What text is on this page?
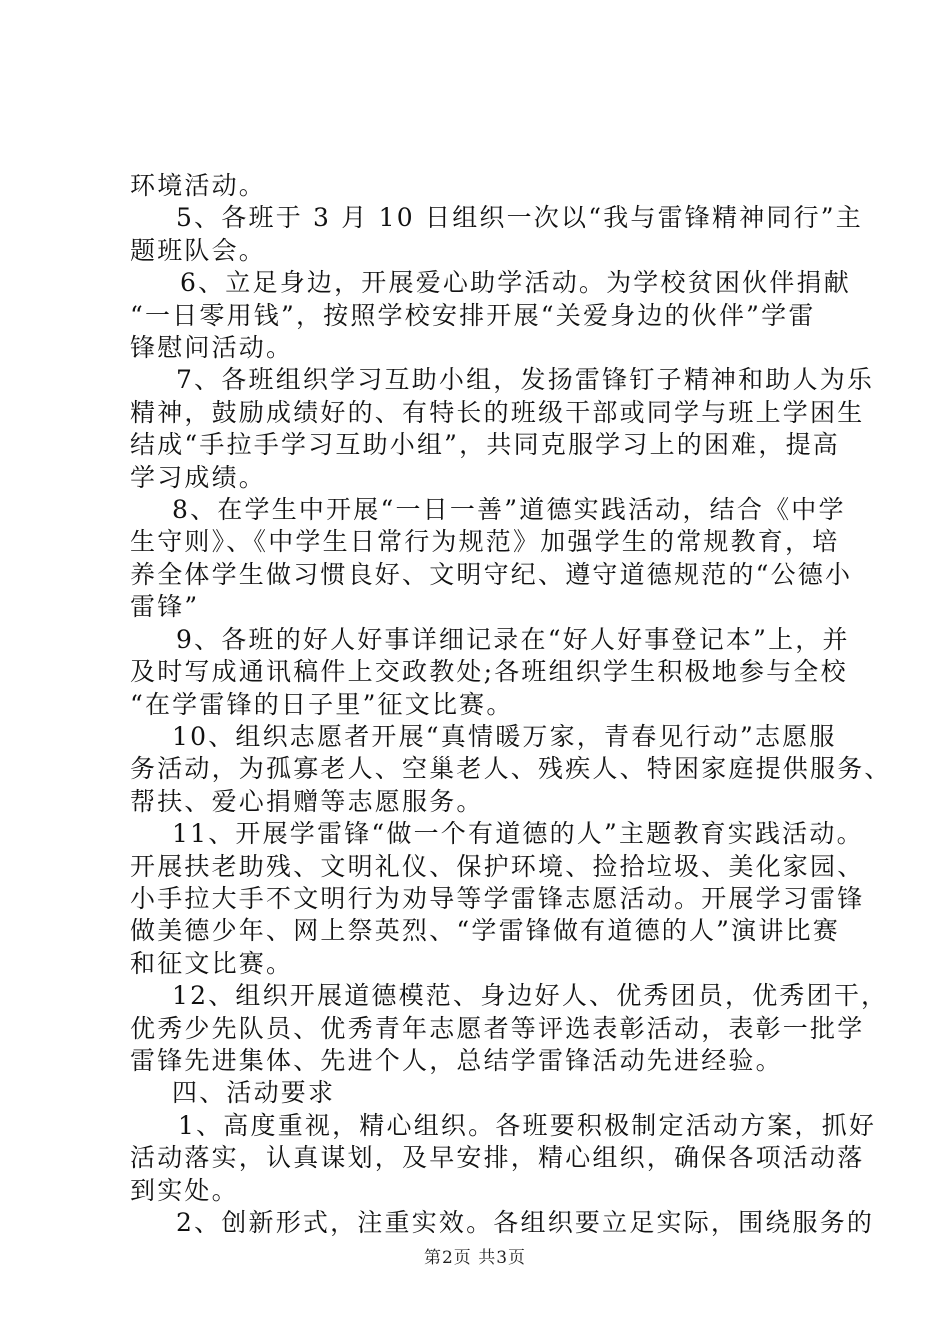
环境活动。

5、各班于 3 月 10 日组织一次以“我与雷锋精神同行”主
题班队会。

6、立足身边，开展爱心助学活动。为学校贫困伙伴捐献
“一日零用钱”，按照学校安排开展“关爱身边的伙伴”学雷
锋慰问活动。

7、各班组织学习互助小组，发扬雷锋钉子精神和助人为乐
精神，鼓励成绩好的、有特长的班级干部或同学与班上学困生
结成“手拉手学习互助小组”，共同克服学习上的困难，提高
学习成绩。

8、在学生中开展“一日一善”道德实践活动，结合《中学
生守则》、《中学生日常行为规范》加强学生的常规教育，培
养全体学生做习惯良好、文明守纪、遵守道德规范的“公德小
雷锋”

9、各班的好人好事详细记录在“好人好事登记本”上，并
及时写成通讯稿件上交政教处;各班组织学生积极地参与全校
“在学雷锋的日子里”征文比赛。

10、组织志愿者开展“真情暖万家，青春见行动”志愿服
务活动，为孤寡老人、空巢老人、残疾人、特困家庭提供服务、
帮扶、爱心捐赠等志愿服务。

11、开展学雷锋“做一个有道德的人”主题教育实践活动。
开展扶老助残、文明礼仪、保护环境、捡拾垃圾、美化家园、
小手拉大手不文明行为劝导等学雷锋志愿活动。开展学习雷锋
做美德少年、网上祭英烈、“学雷锋做有道德的人”演讲比赛
和征文比赛。

12、组织开展道德模范、身边好人、优秀团员，优秀团干，
优秀少先队员、优秀青年志愿者等评选表彰活动，表彰一批学
雷锋先进集体、先进个人，总结学雷锋活动先进经验。

四、活动要求

1、高度重视，精心组织。各班要积极制定活动方案，抓好
活动落实，认真谋划，及早安排，精心组织，确保各项活动落
到实处。

2、创新形式，注重实效。各组织要立足实际，围绕服务的

第2页 共3页
